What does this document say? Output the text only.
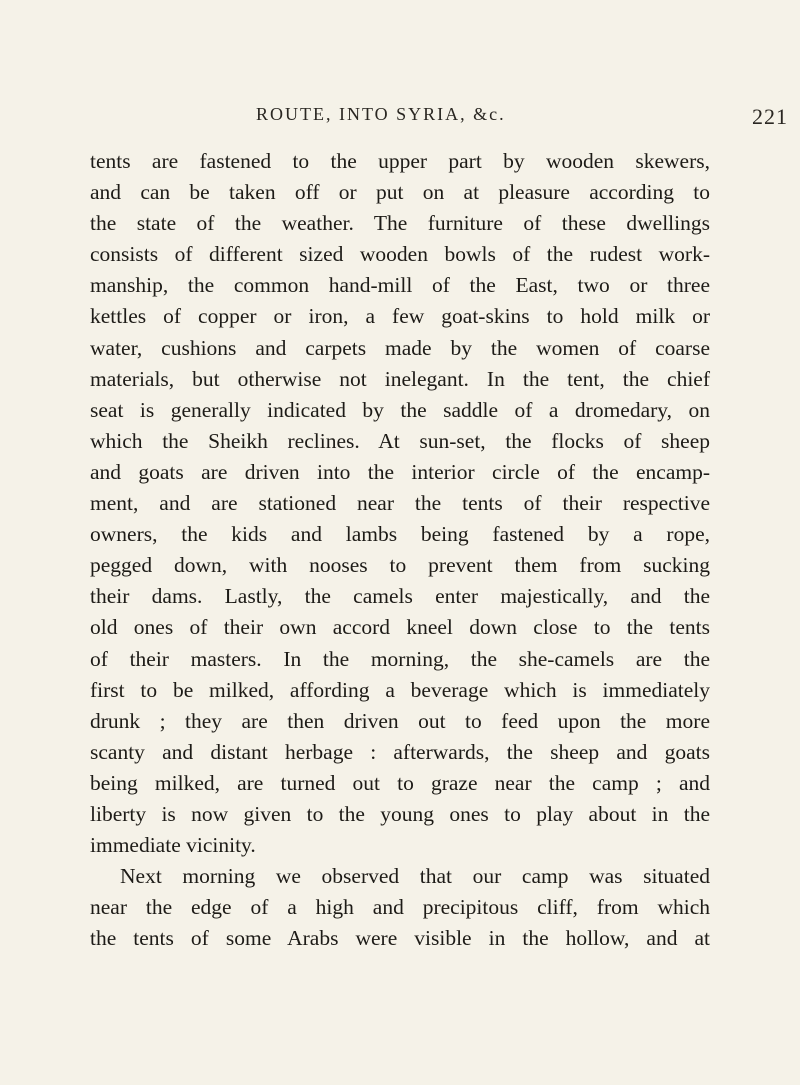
ROUTE, INTO SYRIA, &c.	221
tents are fastened to the upper part by wooden skewers,
and can be taken off or put on at pleasure according to
the state of the weather. The furniture of these dwellings
consists of different sized wooden bowls of the rudest work-
manship, the common hand-mill of the East, two or three
kettles of copper or iron, a few goat-skins to hold milk or
water, cushions and carpets made by the women of coarse
materials, but otherwise not inelegant. In the tent, the chief
seat is generally indicated by the saddle of a dromedary, on
which the Sheikh reclines. At sun-set, the flocks of sheep
and goats are driven into the interior circle of the encamp-
ment, and are stationed near the tents of their respective
owners, the kids and lambs being fastened by a rope,
pegged down, with nooses to prevent them from sucking
their dams. Lastly, the camels enter majestically, and the
old ones of their own accord kneel down close to the tents
of their masters. In the morning, the she-camels are the
first to be milked, affording a beverage which is immediately
drunk ; they are then driven out to feed upon the more
scanty and distant herbage : afterwards, the sheep and goats
being milked, are turned out to graze near the camp ; and
liberty is now given to the young ones to play about in the
immediate vicinity.
Next morning we observed that our camp was situated
near the edge of a high and precipitous cliff, from which
the tents of some Arabs were visible in the hollow, and at
